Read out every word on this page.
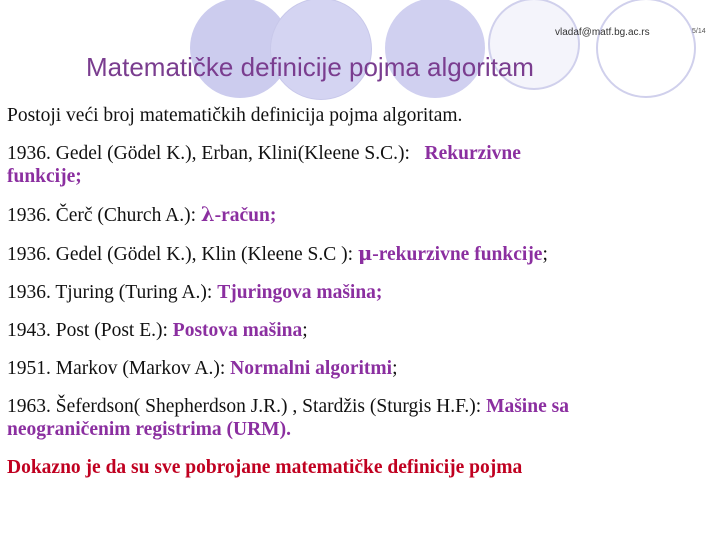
vladaf@matf.bg.ac.rs	5/14
Matematičke definicije pojma algoritam
Postoji veći broj matematičkih definicija pojma algoritam.
1936. Gedel (Gödel K.), Erban, Klini(Kleene S.C.):   Rekurzivne
funkcije;
1936. Čerč (Church A.): λ-račun;
1936. Gedel (Gödel K.), Klin (Kleene S.C ): μ-rekurzivne funkcije;
1936. Tjuring (Turing A.): Tjuringova mašina;
1943. Post (Post E.): Postova mašina;
1951. Markov (Markov A.): Normalni algoritmi;
1963. Šeferdson( Shepherdson J.R.) , Stardžis (Sturgis H.F.): Mašine sa
neograničenim registrima (URM).
Dokazno je da su sve pobrojane matematičke definicije pojma
